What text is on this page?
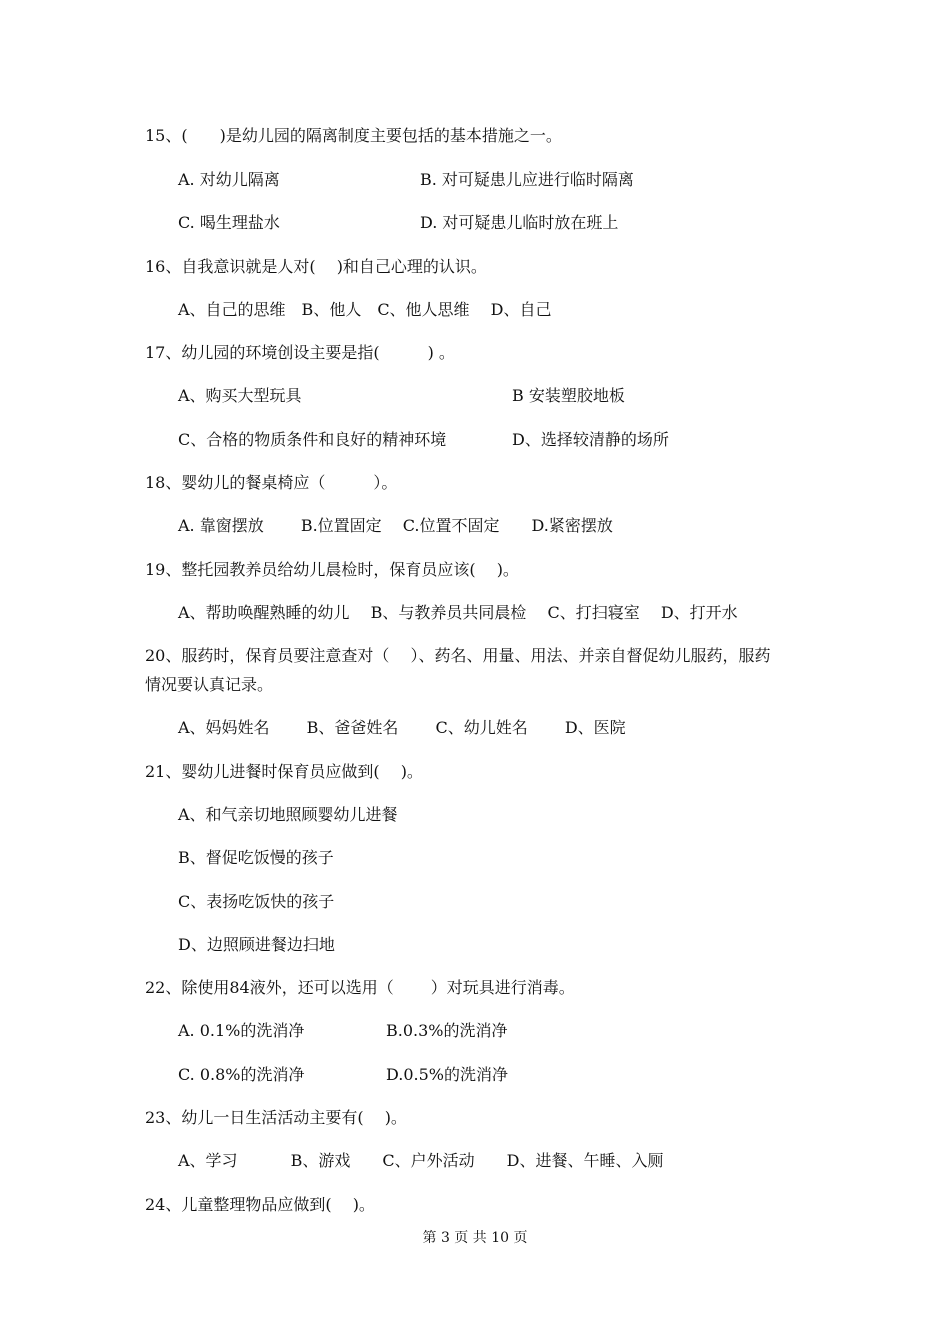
15、(　　)是幼儿园的隔离制度主要包括的基本措施之一。
A. 对幼儿隔离	B. 对可疑患儿应进行临时隔离
C. 喝生理盐水	D. 对可疑患儿临时放在班上
16、自我意识就是人对(　 )和自己心理的认识。
A、自己的思维　B、他人　C、他人思维　 D、自己
17、幼儿园的环境创设主要是指(　　　) 。
A、购买大型玩具	B 安装塑胶地板
C、合格的物质条件和良好的精神环境	D、选择较清静的场所
18、婴幼儿的餐桌椅应（　　　）。
A. 靠窗摆放　　 B.位置固定　 C.位置不固定　　D.紧密摆放
19、整托园教养员给幼儿晨检时，保育员应该(　 )。
A、帮助唤醒熟睡的幼儿　 B、与教养员共同晨检　 C、打扫寝室　 D、打开水
20、服药时，保育员要注意查对（　 ）、药名、用量、用法、并亲自督促幼儿服药，服药
情况要认真记录。
A、妈妈姓名　　 B、爸爸姓名　　 C、幼儿姓名　　 D、医院
21、婴幼儿进餐时保育员应做到(　 )。
A、和气亲切地照顾婴幼儿进餐
B、督促吃饭慢的孩子
C、表扬吃饭快的孩子
D、边照顾进餐边扫地
22、除使用84液外，还可以选用（　　 ）对玩具进行消毒。
A. 0.1%的洗消净	B.0.3%的洗消净
C. 0.8%的洗消净	D.0.5%的洗消净
23、幼儿一日生活活动主要有(　 )。
A、学习　　　 B、游戏　　C、户外活动　　D、进餐、午睡、入厕
24、儿童整理物品应做到(　 )。
第 3 页 共 10 页
